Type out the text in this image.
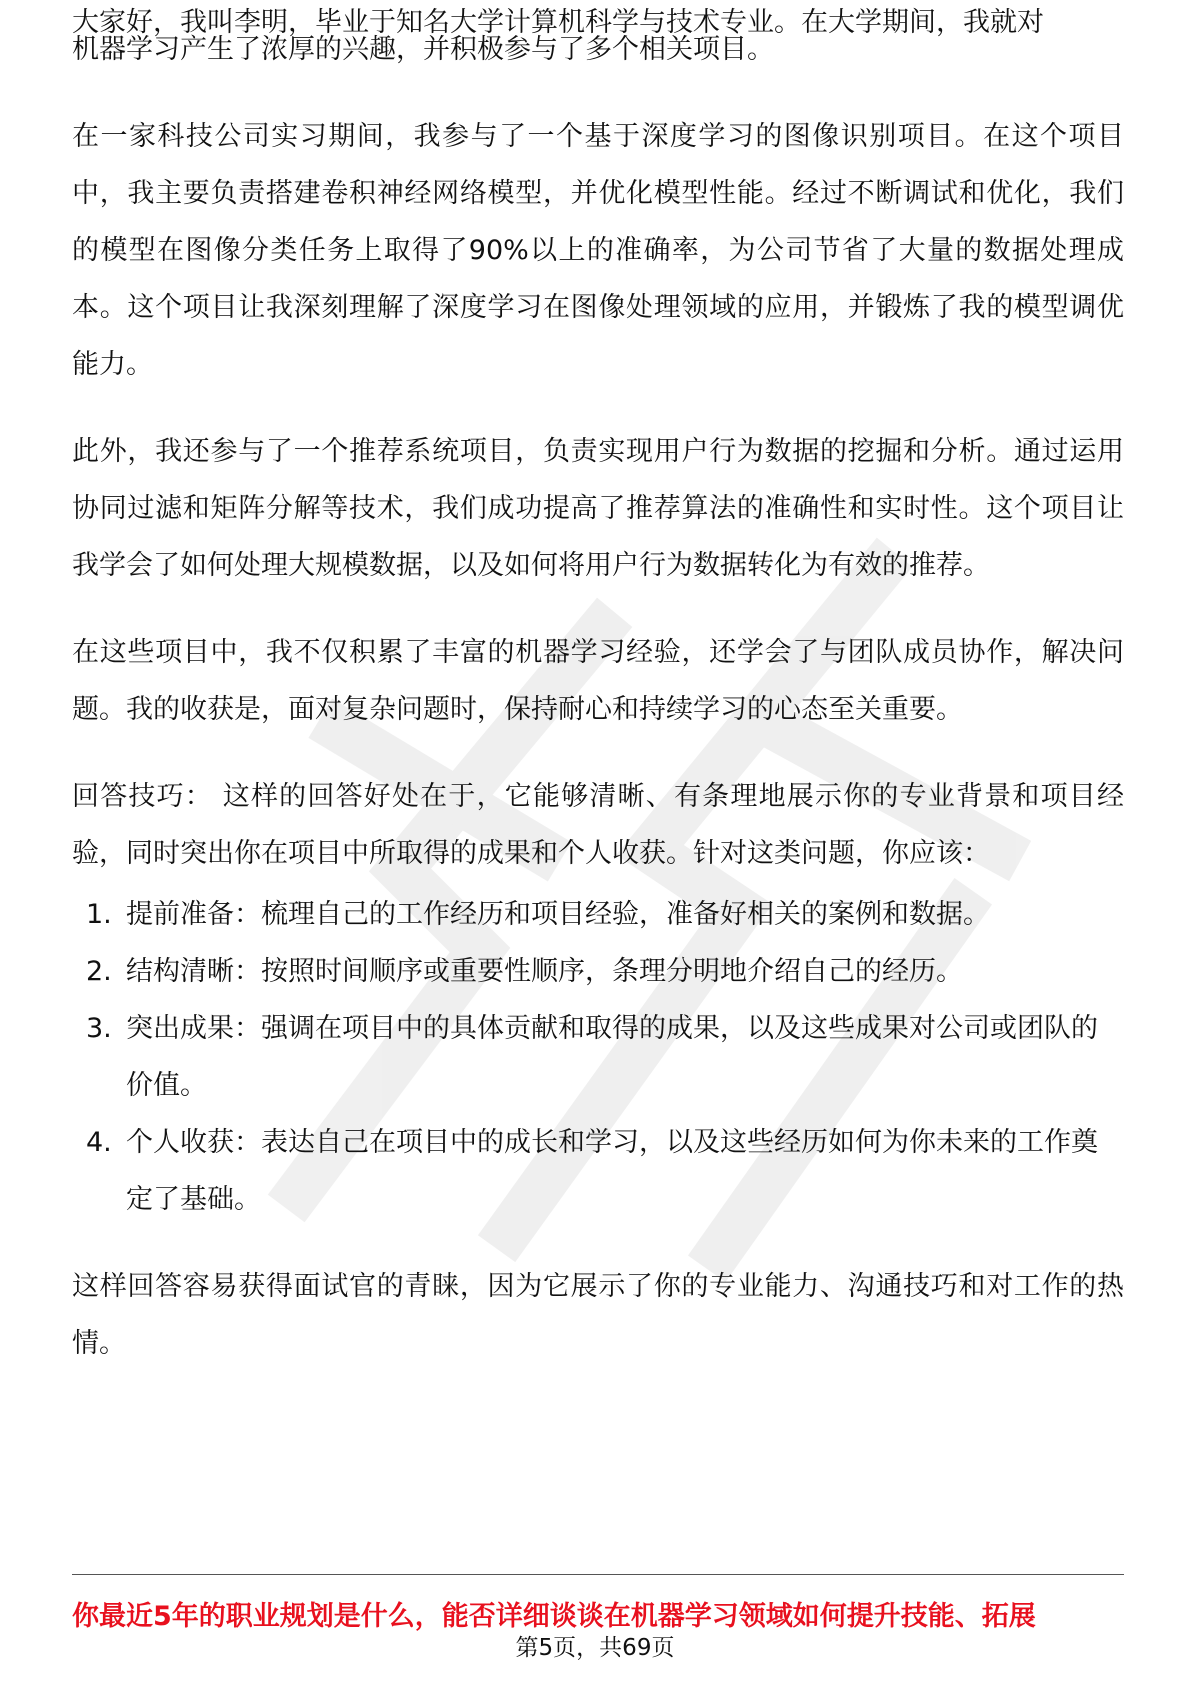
大家好，我叫李明，毕业于知名大学计算机科学与技术专业。在大学期间，我就对

机器学习产生了浓厚的兴趣，并积极参与了多个相关项目。

在一家科技公司实习期间，我参与了一个基于深度学习的图像识别项目。在这个项目中，我主要负责搭建卷积神经网络模型，并优化模型性能。经过不断调试和优化，我们的模型在图像分类任务上取得了90%以上的准确率，为公司节省了大量的数据处理成本。这个项目让我深刻理解了深度学习在图像处理领域的应用，并锻炼了我的模型调优能力。

此外，我还参与了一个推荐系统项目，负责实现用户行为数据的挖掘和分析。通过运用协同过滤和矩阵分解等技术，我们成功提高了推荐算法的准确性和实时性。这个项目让我学会了如何处理大规模数据，以及如何将用户行为数据转化为有效的推荐。

在这些项目中，我不仅积累了丰富的机器学习经验，还学会了与团队成员协作，解决问题。我的收获是，面对复杂问题时，保持耐心和持续学习的心态至关重要。

回答技巧： 这样的回答好处在于，它能够清晰、有条理地展示你的专业背景和项目经验，同时突出你在项目中所取得的成果和个人收获。针对这类问题，你应该：

1. 提前准备：梳理自己的工作经历和项目经验，准备好相关的案例和数据。
2. 结构清晰：按照时间顺序或重要性顺序，条理分明地介绍自己的经历。
3. 突出成果：强调在项目中的具体贡献和取得的成果，以及这些成果对公司或团队的价值。
4. 个人收获：表达自己在项目中的成长和学习，以及这些经历如何为你未来的工作奠定了基础。

这样回答容易获得面试官的青睐，因为它展示了你的专业能力、沟通技巧和对工作的热情。

你最近5年的职业规划是什么，能否详细谈谈在机器学习领域如何提升技能、拓展
第5页，共69页
